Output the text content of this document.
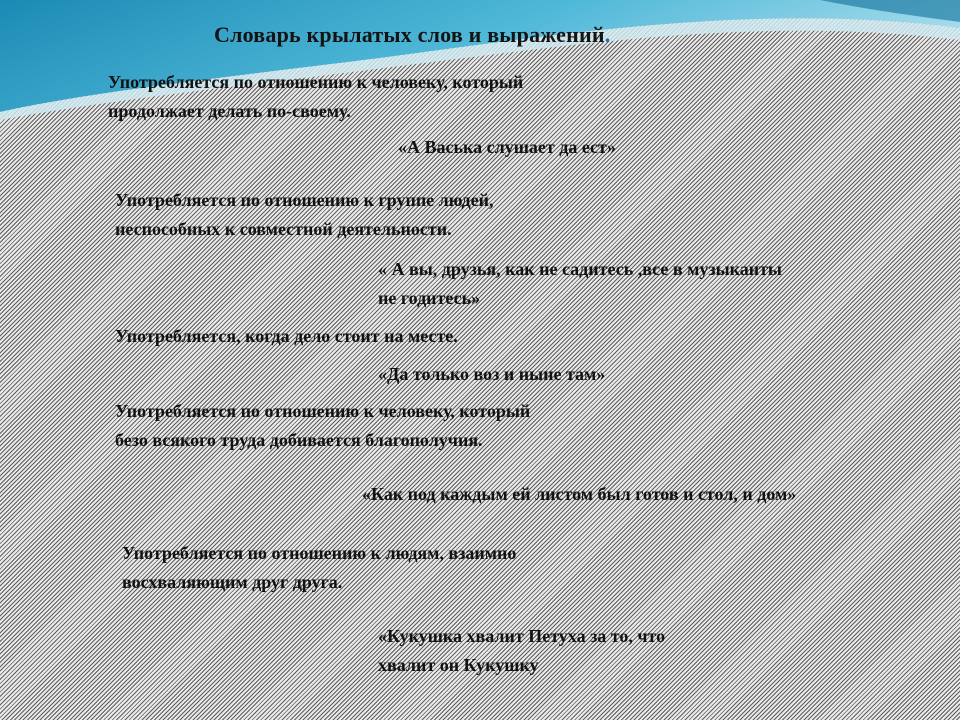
Словарь крылатых слов и выражений.
Употребляется по отношению к человеку, который
продолжает делать по-своему.
«А Васька слушает да ест»
Употребляется по отношению к группе людей,
неспособных к совместной деятельности.
« А вы, друзья, как не садитесь ,все в музыканты
не годитесь»
Употребляется, когда дело стоит на месте.
«Да только воз и ныне там»
Употребляется по отношению к человеку, который
безо всякого труда добивается благополучия.
«Как под каждым ей листом был готов и стол, и дом»
Употребляется по отношению к людям, взаимно
восхваляющим друг друга.
«Кукушка хвалит Петуха за то, что
хвалит он Кукушку
